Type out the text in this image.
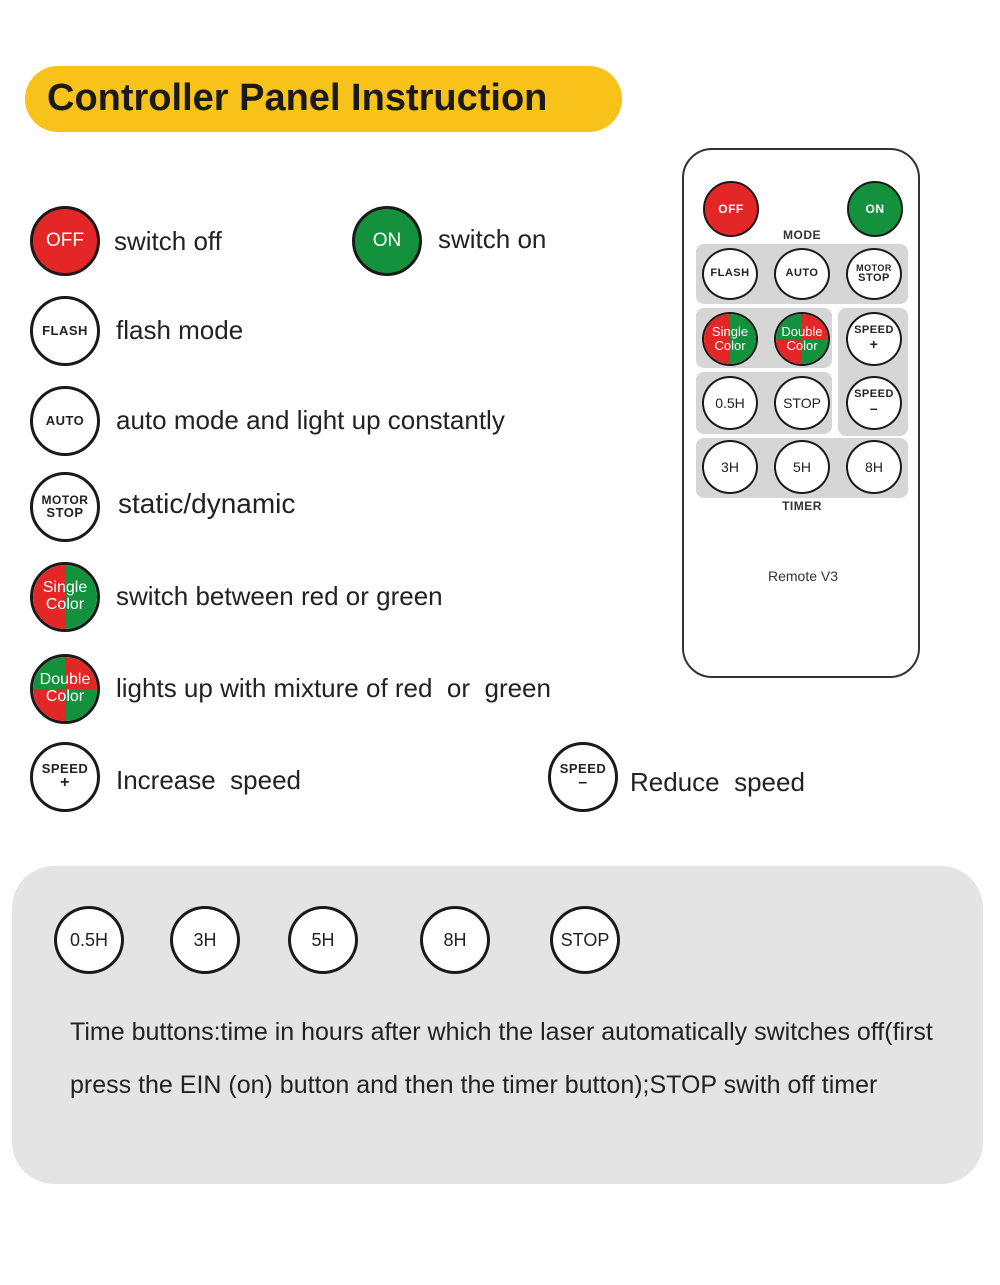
Controller Panel Instruction
OFF switch off	ON switch on
FLASH flash mode
AUTO auto mode and light up constantly
MOTOR
STOP static/dynamic
Single
Color switch between red or green
Double
Color lights up with mixture of red  or  green
SPEED
+	Increase  speed	SPEED
–	Reduce  speed
OFF	ON
MODE
TIMER
FLASH	AUTO	MOTOR
STOP
Single
Color
Double
Color
SPEED
+
SPEED
–
0.5H	STOP
3H	5H	8H
Remote V3
0.5H	3H	5H	8H	STOP
Time buttons:time in hours after which the laser automatically switches off(first press the EIN (on) button and then the timer button);STOP swith off timer
